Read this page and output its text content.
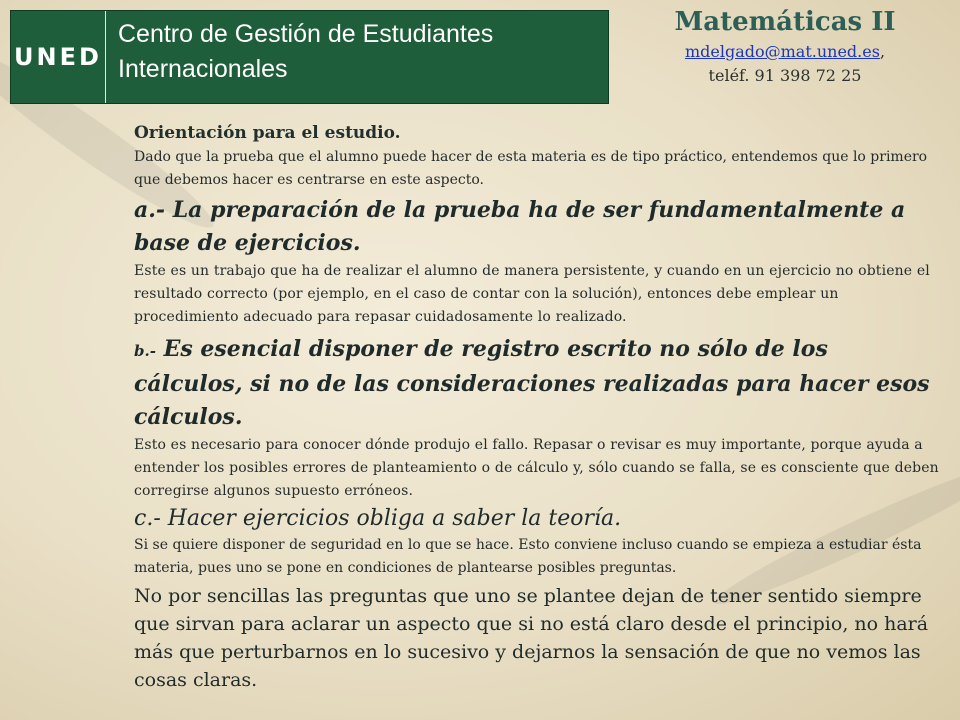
UNED
Centro de Gestión de Estudiantes Internacionales
Matemáticas II
mdelgado@mat.uned.es,
teléf. 91 398 72 25

Orientación para el estudio.

Dado que la prueba que el alumno puede hacer de esta materia es de tipo práctico, entendemos que lo primero que debemos hacer es centrarse en este aspecto.

a.- La preparación de la prueba ha de ser fundamentalmente a base de ejercicios.

Este es un trabajo que ha de realizar el alumno de manera persistente, y cuando en un ejercicio no obtiene el resultado correcto (por ejemplo, en el caso de contar con la solución), entonces debe emplear un procedimiento adecuado para repasar cuidadosamente lo realizado.

b.- Es esencial disponer de registro escrito no sólo de los cálculos, si no de las consideraciones realizadas para hacer esos cálculos.

Esto es necesario para conocer dónde produjo el fallo. Repasar o revisar es muy importante, porque ayuda a entender los posibles errores de planteamiento o de cálculo y, sólo cuando se falla, se es consciente que deben corregirse algunos supuesto erróneos.

c.- Hacer ejercicios obliga a saber la teoría.

Si se quiere disponer de seguridad en lo que se hace. Esto conviene incluso cuando se empieza a estudiar ésta materia, pues uno se pone en condiciones de plantearse posibles preguntas.

No por sencillas las preguntas que uno se plantee dejan de tener sentido siempre que sirvan para aclarar un aspecto que si no está claro desde el principio, no hará más que perturbarnos en lo sucesivo y dejarnos la sensación de que no vemos las cosas claras.
